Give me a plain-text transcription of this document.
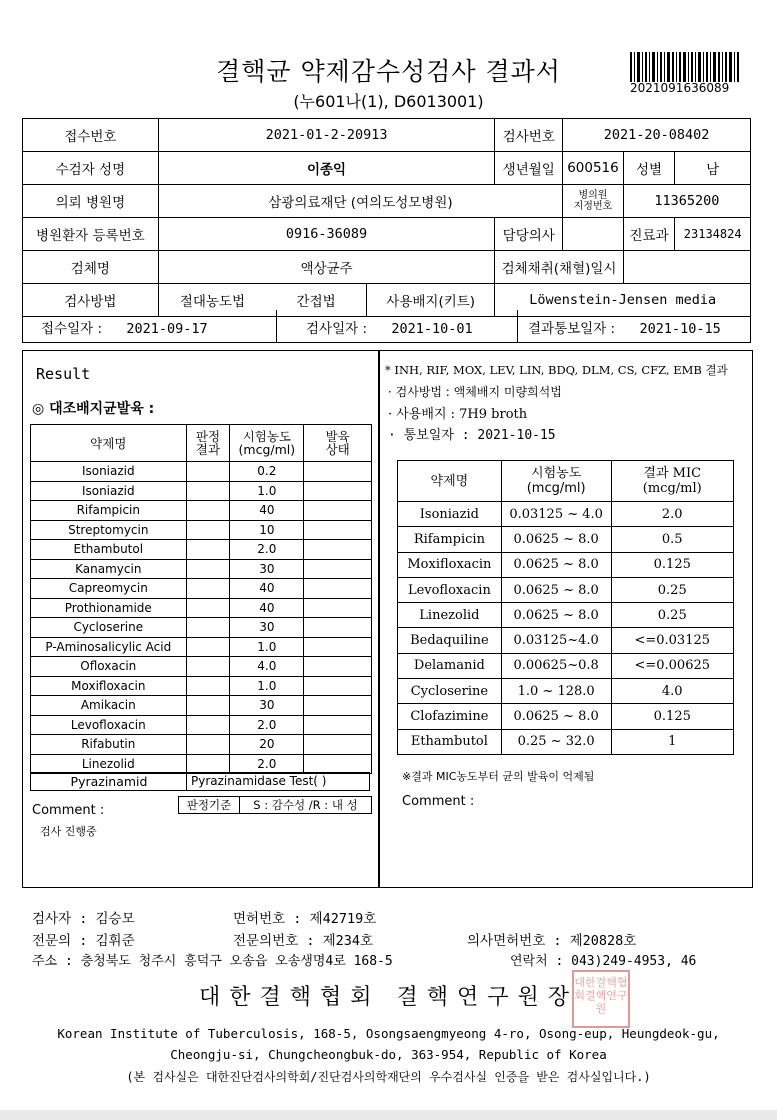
결핵균 약제감수성검사 결과서
(누601나(1), D6013001)
2021091636089
접수번호	2021-01-2-20913			검사번호	2021-20-08402		
수검자 성명	이종익			생년월일	600516	성별	남
의뢰 병원명	삼광의료재단 (여의도성모병원)				병의원
지정번호	11365200	
병원환자 등록번호	0916-36089			담당의사		진료과	23134824
검체명	액상균주			검체채취(채혈)일시			
검사방법	절대농도법	간접법	사용배지(키트)	Löwenstein-Jensen media			
접수일자 : 2021-09-17	검사일자 : 2021-10-01	결과통보일자 : 2021-10-15
Result
◎ 대조배지균발육 :
약제명	판정
결과	시험농도
(mcg/ml)	발육
상태
Isoniazid		0.2	
Isoniazid		1.0	
Rifampicin		40	
Streptomycin		10	
Ethambutol		2.0	
Kanamycin		30	
Capreomycin		40	
Prothionamide		40	
Cycloserine		30	
P-Aminosalicylic Acid		1.0	
Ofloxacin		4.0	
Moxifloxacin		1.0	
Amikacin		30	
Levofloxacin		2.0	
Rifabutin		20	
Linezolid		2.0	
Pyrazinamid	Pyrazinamidase Test( )
Comment :
검사 진행중
판정기준	S : 감수성 /R : 내 성
* INH, RIF, MOX, LEV, LIN, BDQ, DLM, CS, CFZ, EMB 결과
· 검사방법 : 액체배지 미량희석법
· 사용배지 : 7H9 broth
· 통보일자 : 2021-10-15
약제명	시험농도
(mcg/ml)	결과 MIC
(mcg/ml)
Isoniazid	0.03125 ~ 4.0	2.0
Rifampicin	0.0625 ~ 8.0	0.5
Moxifloxacin	0.0625 ~ 8.0	0.125
Levofloxacin	0.0625 ~ 8.0	0.25
Linezolid	0.0625 ~ 8.0	0.25
Bedaquiline	0.03125~4.0	<=0.03125
Delamanid	0.00625~0.8	<=0.00625
Cycloserine	1.0 ~ 128.0	4.0
Clofazimine	0.0625 ~ 8.0	0.125
Ethambutol	0.25 ~ 32.0	1
※결과 MIC농도부터 균의 발육이 억제됨
Comment :
검사자 : 김승모	면허번호 : 제42719호
전문의 : 김휘준	전문의번호 : 제234호	의사면허번호 : 제20828호
주소 : 충청북도 청주시 흥덕구 오송읍 오송생명4로 168-5	연락처 : 043)249-4953, 46
대한결핵협회 결핵연구원장
대한결핵협회결핵연구원
Korean Institute of Tuberculosis, 168-5, Osongsaengmyeong 4-ro, Osong-eup, Heungdeok-gu,
Cheongju-si, Chungcheongbuk-do, 363-954, Republic of Korea
(본 검사실은 대한진단검사의학회/진단검사의학재단의 우수검사실 인증을 받은 검사실입니다.)
